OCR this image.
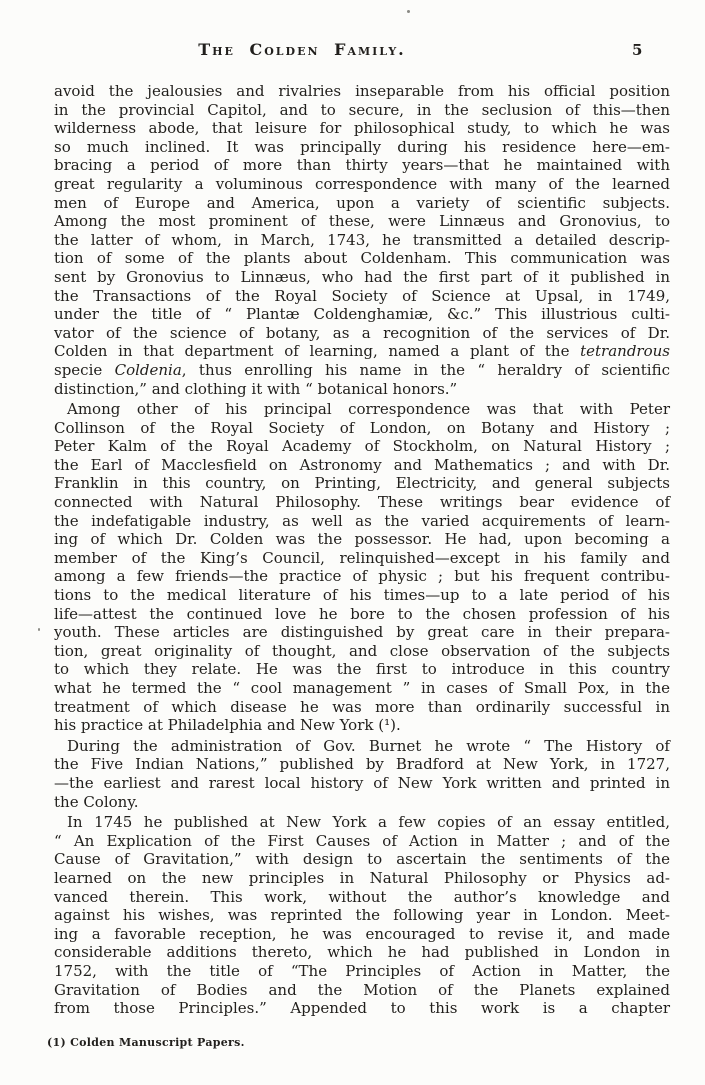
The Colden Family.	5
avoid the jealousies and rivalries inseparable from his official position
in the provincial Capitol, and to secure, in the seclusion of this—then
wilderness abode, that leisure for philosophical study, to which he was
so much inclined. It was principally during his residence here—em-
bracing a period of more than thirty years—that he maintained with
great regularity a voluminous correspondence with many of the learned
men of Europe and America, upon a variety of scientific subjects.
Among the most prominent of these, were Linnæus and Gronovius, to
the latter of whom, in March, 1743, he transmitted a detailed descrip-
tion of some of the plants about Coldenham. This communication was
sent by Gronovius to Linnæus, who had the first part of it published in
the Transactions of the Royal Society of Science at Upsal, in 1749,
under the title of “ Plantæ Coldenghamiæ, &c.” This illustrious culti-
vator of the science of botany, as a recognition of the services of Dr.
Colden in that department of learning, named a plant of the tetrandrous
specie Coldenia, thus enrolling his name in the “ heraldry of scientific
distinction,” and clothing it with “ botanical honors.”
Among other of his principal correspondence was that with Peter
Collinson of the Royal Society of London, on Botany and History ;
Peter Kalm of the Royal Academy of Stockholm, on Natural History ;
the Earl of Macclesfield on Astronomy and Mathematics ; and with Dr.
Franklin in this country, on Printing, Electricity, and general subjects
connected with Natural Philosophy. These writings bear evidence of
the indefatigable industry, as well as the varied acquirements of learn-
ing of which Dr. Colden was the possessor. He had, upon becoming a
member of the King’s Council, relinquished—except in his family and
among a few friends—the practice of physic ; but his frequent contribu-
tions to the medical literature of his times—up to a late period of his
life—attest the continued love he bore to the chosen profession of his
youth. These articles are distinguished by great care in their prepara-
tion, great originality of thought, and close observation of the subjects
to which they relate. He was the first to introduce in this country
what he termed the “ cool management ” in cases of Small Pox, in the
treatment of which disease he was more than ordinarily successful in
his practice at Philadelphia and New York (¹).
During the administration of Gov. Burnet he wrote “ The History of
the Five Indian Nations,” published by Bradford at New York, in 1727,
—the earliest and rarest local history of New York written and printed in
the Colony.
In 1745 he published at New York a few copies of an essay entitled,
“ An Explication of the First Causes of Action in Matter ; and of the
Cause of Gravitation,” with design to ascertain the sentiments of the
learned on the new principles in Natural Philosophy or Physics ad-
vanced therein. This work, without the author’s knowledge and
against his wishes, was reprinted the following year in London. Meet-
ing a favorable reception, he was encouraged to revise it, and made
considerable additions thereto, which he had published in London in
1752, with the title of “The Principles of Action in Matter, the
Gravitation of Bodies and the Motion of the Planets explained
from those Principles.” Appended to this work is a chapter
(1) Colden Manuscript Papers.
